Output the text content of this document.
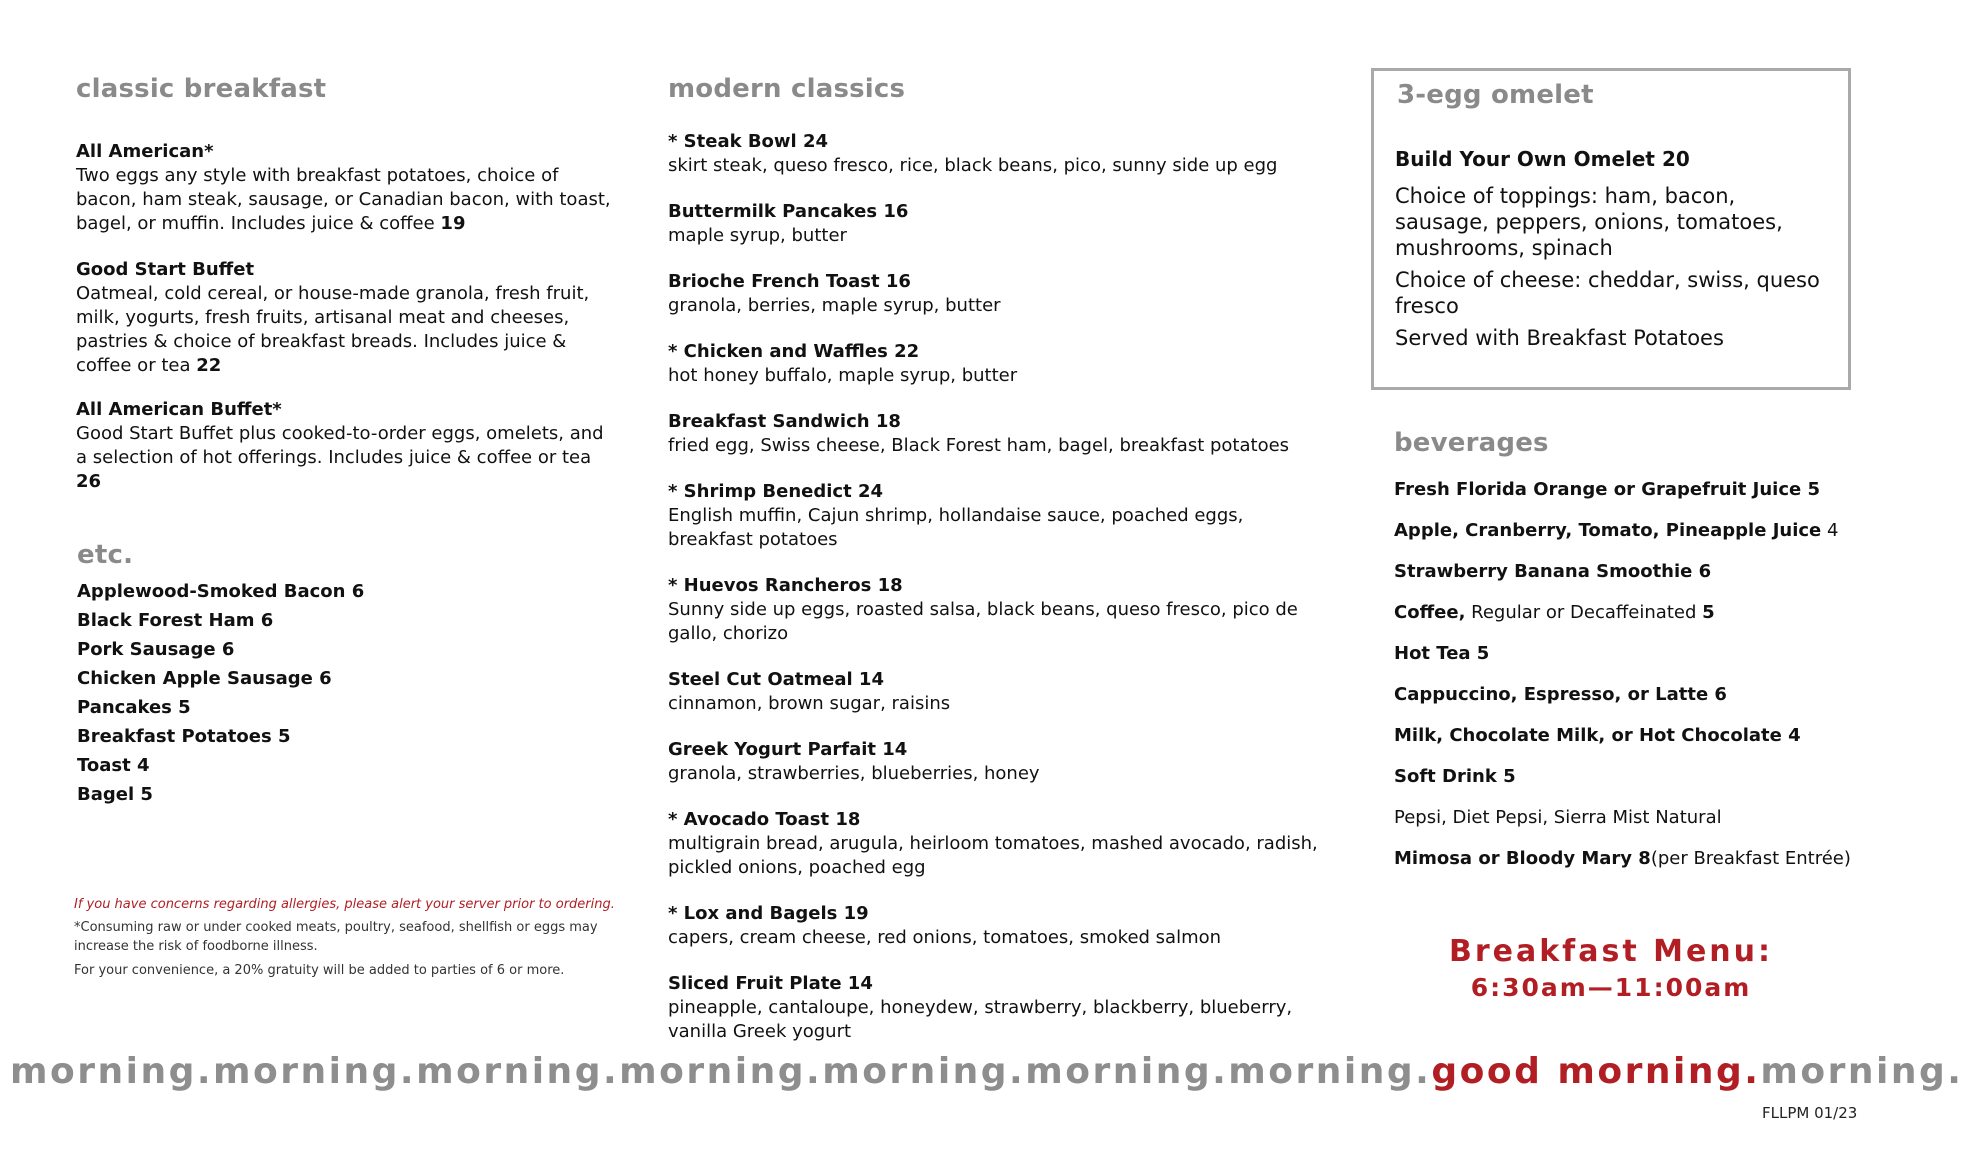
classic breakfast
All American*
Two eggs any style with breakfast potatoes, choice of bacon, ham steak, sausage, or Canadian bacon, with toast, bagel, or muffin. Includes juice & coffee 19
Good Start Buffet
Oatmeal, cold cereal, or house-made granola, fresh fruit, milk, yogurts, fresh fruits, artisanal meat and cheeses, pastries & choice of breakfast breads. Includes juice & coffee or tea 22
All American Buffet*
Good Start Buffet plus cooked-to-order eggs, omelets, and a selection of hot offerings. Includes juice & coffee or tea 26
etc.
Applewood-Smoked Bacon 6
Black Forest Ham 6
Pork Sausage 6
Chicken Apple Sausage 6
Pancakes 5
Breakfast Potatoes 5
Toast 4
Bagel 5

If you have concerns regarding allergies, please alert your server prior to ordering.

*Consuming raw or under cooked meats, poultry, seafood, shellfish or eggs may increase the risk of foodborne illness.

For your convenience, a 20% gratuity will be added to parties of 6 or more.

modern classics
* Steak Bowl 24
skirt steak, queso fresco, rice, black beans, pico, sunny side up egg
Buttermilk Pancakes 16
maple syrup, butter
Brioche French Toast 16
granola, berries, maple syrup, butter
* Chicken and Waffles 22
hot honey buffalo, maple syrup, butter
Breakfast Sandwich 18
fried egg, Swiss cheese, Black Forest ham, bagel, breakfast potatoes
* Shrimp Benedict 24
English muffin, Cajun shrimp, hollandaise sauce, poached eggs, breakfast potatoes
* Huevos Rancheros 18
Sunny side up eggs, roasted salsa, black beans, queso fresco, pico de gallo, chorizo
Steel Cut Oatmeal 14
cinnamon, brown sugar, raisins
Greek Yogurt Parfait 14
granola, strawberries, blueberries, honey
* Avocado Toast 18
multigrain bread, arugula, heirloom tomatoes, mashed avocado, radish, pickled onions, poached egg
* Lox and Bagels 19
capers, cream cheese, red onions, tomatoes, smoked salmon
Sliced Fruit Plate 14
pineapple, cantaloupe, honeydew, strawberry, blackberry, blueberry, vanilla Greek yogurt
3-egg omelet
Build Your Own Omelet 20
Choice of toppings: ham, bacon, sausage, peppers, onions, tomatoes, mushrooms, spinach
Choice of cheese: cheddar, swiss, queso fresco
Served with Breakfast Potatoes
beverages
Fresh Florida Orange or Grapefruit Juice 5
Apple, Cranberry, Tomato, Pineapple Juice 4
Strawberry Banana Smoothie 6
Coffee, Regular or Decaffeinated 5
Hot Tea 5
Cappuccino, Espresso, or Latte 6
Milk, Chocolate Milk, or Hot Chocolate 4
Soft Drink 5
Pepsi, Diet Pepsi, Sierra Mist Natural
Mimosa or Bloody Mary 8(per Breakfast Entrée)
Breakfast Menu:
6:30am—11:00am
morning. morning. morning. morning. morning. morning. morning. good morning. morning.
FLLPM 01/23
